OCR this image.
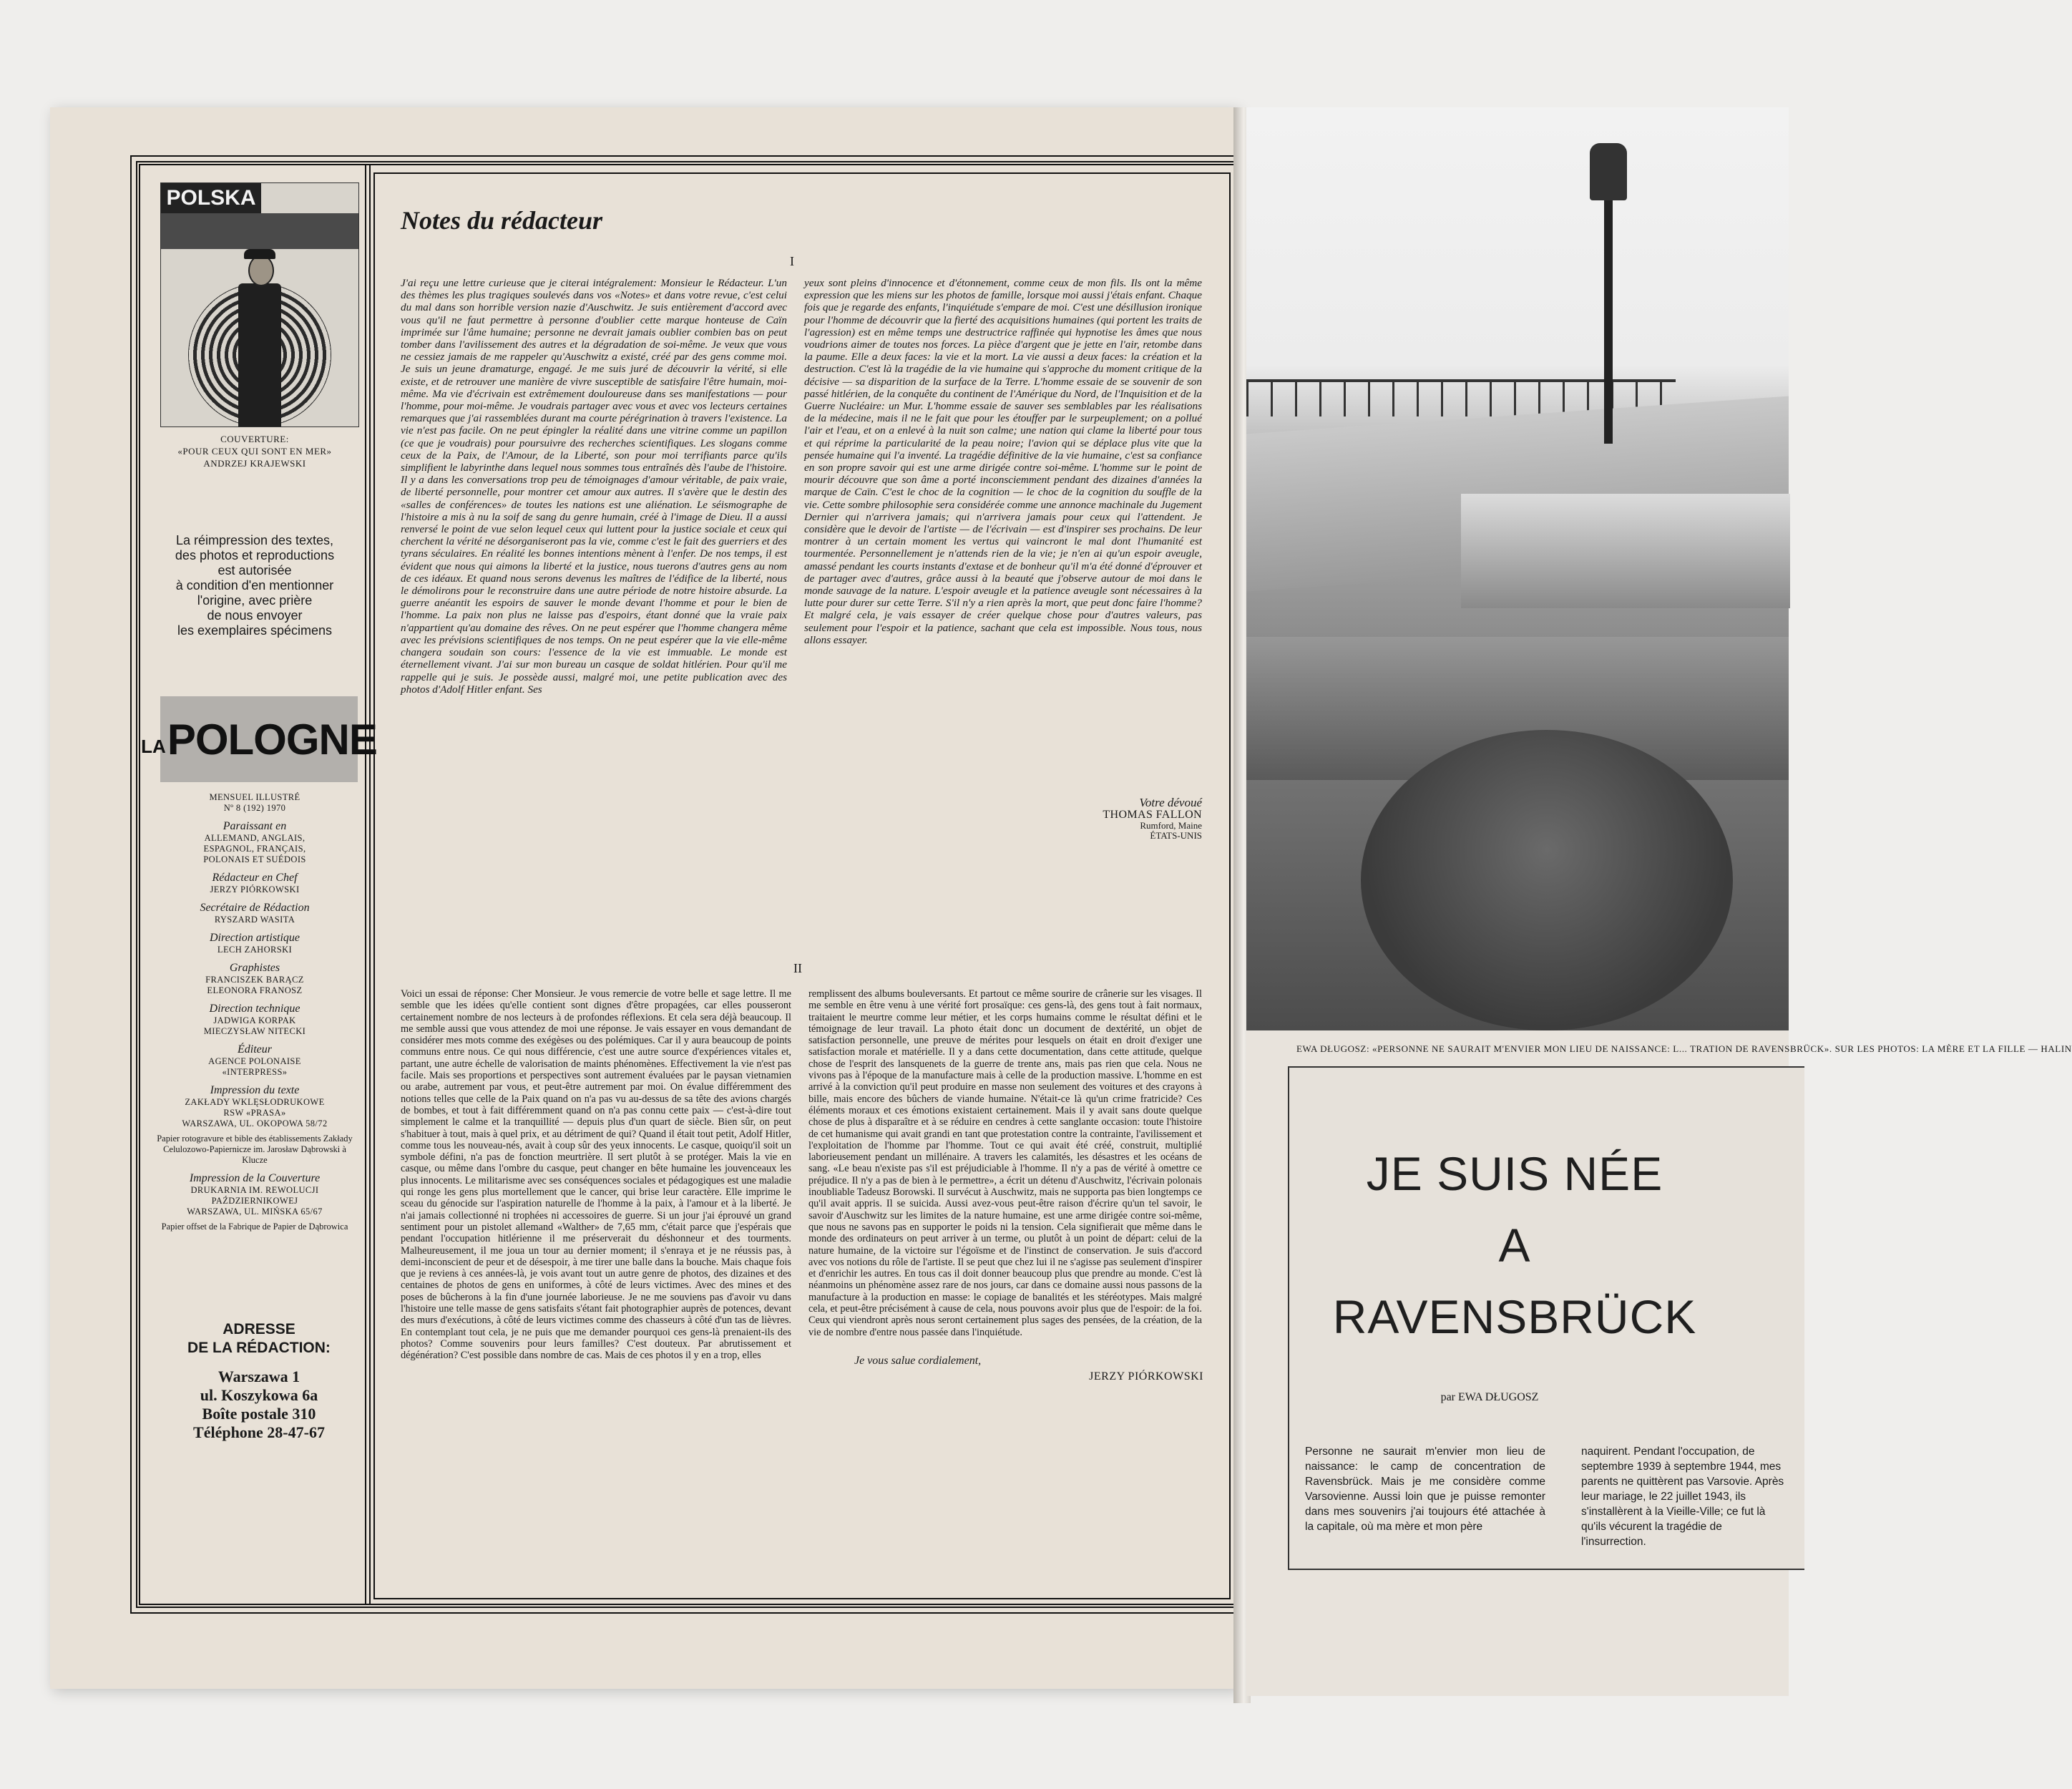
POLSKA
COUVERTURE:
«POUR CEUX QUI SONT EN MER»
ANDRZEJ KRAJEWSKI
La réimpression des textes,
des photos et reproductions
est autorisée
à condition d'en mentionner
l'origine, avec prière
de nous envoyer
les exemplaires spécimens
LA POLOGNE
MENSUEL ILLUSTRÉ
Nº 8 (192) 1970
Paraissant en
ALLEMAND, ANGLAIS,
ESPAGNOL, FRANÇAIS,
POLONAIS ET SUÉDOIS
Rédacteur en Chef
JERZY PIÓRKOWSKI
Secrétaire de Rédaction
RYSZARD WASITA
Direction artistique
LECH ZAHORSKI
Graphistes
FRANCISZEK BARĄCZ
ELEONORA FRANOSZ
Direction technique
JADWIGA KORPAK
MIECZYSŁAW NITECKI
Éditeur
AGENCE POLONAISE
«INTERPRESS»
Impression du texte
ZAKŁADY WKLĘSŁODRUKOWE
RSW «PRASA»
WARSZAWA, UL. OKOPOWA 58/72
Papier rotogravure et bible des établissements Zakłady Celulozowo-Papiernicze im. Jarosław Dąbrowski à Kluczе
Impression de la Couverture
DRUKARNIA IM. REWOLUCJI
PAŹDZIERNIKOWEJ
WARSZAWA, UL. MIŃSKA 65/67
Papier offset de la Fabrique de Papier de Dąbrowica
ADRESSE
DE LA RÉDACTION:
Warszawa 1
ul. Koszykowa 6a
Boîte postale 310
Téléphone 28-47-67
Notes du rédacteur
I
J'ai reçu une lettre curieuse que je citerai intégralement: Monsieur le Rédacteur. L'un des thèmes les plus tragiques soulevés dans vos «Notes» et dans votre revue, c'est celui du mal dans son horrible version nazie d'Auschwitz. Je suis entièrement d'accord avec vous qu'il ne faut permettre à personne d'oublier cette marque honteuse de Caïn imprimée sur l'âme humaine; personne ne devrait jamais oublier combien bas on peut tomber dans l'avilissement des autres et la dégradation de soi-même. Je veux que vous ne cessiez jamais de me rappeler qu'Auschwitz a existé, créé par des gens comme moi. Je suis un jeune dramaturge, engagé. Je me suis juré de découvrir la vérité, si elle existe, et de retrouver une manière de vivre susceptible de satisfaire l'être humain, moi-même. Ma vie d'écrivain est extrêmement douloureuse dans ses manifestations — pour l'homme, pour moi-même. Je voudrais partager avec vous et avec vos lecteurs certaines remarques que j'ai rassemblées durant ma courte pérégrination à travers l'existence. La vie n'est pas facile. On ne peut épingler la réalité dans une vitrine comme un papillon (ce que je voudrais) pour poursuivre des recherches scientifiques. Les slogans comme ceux de la Paix, de l'Amour, de la Liberté, son pour moi terrifiants parce qu'ils simplifient le labyrinthe dans lequel nous sommes tous entraînés dès l'aube de l'histoire. Il y a dans les conversations trop peu de témoignages d'amour véritable, de paix vraie, de liberté personnelle, pour montrer cet amour aux autres. Il s'avère que le destin des «salles de conférences» de toutes les nations est une aliénation. Le séismographe de l'histoire a mis à nu la soif de sang du genre humain, créé à l'image de Dieu. Il a aussi renversé le point de vue selon lequel ceux qui luttent pour la justice sociale et ceux qui cherchent la vérité ne désorganiseront pas la vie, comme c'est le fait des guerriers et des tyrans séculaires. En réalité les bonnes intentions mènent à l'enfer. De nos temps, il est évident que nous qui aimons la liberté et la justice, nous tuerons d'autres gens au nom de ces idéaux. Et quand nous serons devenus les maîtres de l'édifice de la liberté, nous le démolirons pour le reconstruire dans une autre période de notre histoire absurde. La guerre anéantit les espoirs de sauver le monde devant l'homme et pour le bien de l'homme. La paix non plus ne laisse pas d'espoirs, étant donné que la vraie paix n'appartient qu'au domaine des rêves. On ne peut espérer que l'homme changera même avec les prévisions scientifiques de nos temps. On ne peut espérer que la vie elle-même changera soudain son cours: l'essence de la vie est immuable. Le monde est éternellement vivant. J'ai sur mon bureau un casque de soldat hitlérien. Pour qu'il me rappelle qui je suis. Je possède aussi, malgré moi, une petite publication avec des photos d'Adolf Hitler enfant. Ses
yeux sont pleins d'innocence et d'étonnement, comme ceux de mon fils. Ils ont la même expression que les miens sur les photos de famille, lorsque moi aussi j'étais enfant. Chaque fois que je regarde des enfants, l'inquiétude s'empare de moi. C'est une désillusion ironique pour l'homme de découvrir que la fierté des acquisitions humaines (qui portent les traits de l'agression) est en même temps une destructrice raffinée qui hypnotise les âmes que nous voudrions aimer de toutes nos forces. La pièce d'argent que je jette en l'air, retombe dans la paume. Elle a deux faces: la vie et la mort. La vie aussi a deux faces: la création et la destruction. C'est là la tragédie de la vie humaine qui s'approche du moment critique de la décisive — sa disparition de la surface de la Terre. L'homme essaie de se souvenir de son passé hitlérien, de la conquête du continent de l'Amérique du Nord, de l'Inquisition et de la Guerre Nucléaire: un Mur. L'homme essaie de sauver ses semblables par les réalisations de la médecine, mais il ne le fait que pour les étouffer par le surpeuplement; on a pollué l'air et l'eau, et on a enlevé à la nuit son calme; une nation qui clame la liberté pour tous et qui réprime la particularité de la peau noire; l'avion qui se déplace plus vite que la pensée humaine qui l'a inventé. La tragédie définitive de la vie humaine, c'est sa confiance en son propre savoir qui est une arme dirigée contre soi-même. L'homme sur le point de mourir découvre que son âme a porté inconsciemment pendant des dizaines d'années la marque de Caïn. C'est le choc de la cognition — le choc de la cognition du souffle de la vie. Cette sombre philosophie sera considérée comme une annonce machinale du Jugement Dernier qui n'arrivera jamais; qui n'arrivera jamais pour ceux qui l'attendent. Je considère que le devoir de l'artiste — de l'écrivain — est d'inspirer ses prochains. De leur montrer à un certain moment les vertus qui vaincront le mal dont l'humanité est tourmentée. Personnellement je n'attends rien de la vie; je n'en ai qu'un espoir aveugle, amassé pendant les courts instants d'extase et de bonheur qu'il m'a été donné d'éprouver et de partager avec d'autres, grâce aussi à la beauté que j'observe autour de moi dans le monde sauvage de la nature. L'espoir aveugle et la patience aveugle sont nécessaires à la lutte pour durer sur cette Terre. S'il n'y a rien après la mort, que peut donc faire l'homme? Et malgré cela, je vais essayer de créer quelque chose pour d'autres valeurs, pas seulement pour l'espoir et la patience, sachant que cela est impossible. Nous tous, nous allons essayer.
Votre dévoué
THOMAS FALLON
Rumford, Maine
ÉTATS-UNIS
II
Voici un essai de réponse: Cher Monsieur. Je vous remercie de votre belle et sage lettre. Il me semble que les idées qu'elle contient sont dignes d'être propagées, car elles pousseront certainement nombre de nos lecteurs à de profondes réflexions. Et cela sera déjà beaucoup. Il me semble aussi que vous attendez de moi une réponse. Je vais essayer en vous demandant de considérer mes mots comme des exégèses ou des polémiques. Car il y aura beaucoup de points communs entre nous. Ce qui nous différencie, c'est une autre source d'expériences vitales et, partant, une autre échelle de valorisation de maints phénomènes. Effectivement la vie n'est pas facile. Mais ses proportions et perspectives sont autrement évaluées par le paysan vietnamien ou arabe, autrement par vous, et peut-être autrement par moi. On évalue différemment des notions telles que celle de la Paix quand on n'a pas vu au-dessus de sa tête des avions chargés de bombes, et tout à fait différemment quand on n'a pas connu cette paix — c'est-à-dire tout simplement le calme et la tranquillité — depuis plus d'un quart de siècle. Bien sûr, on peut s'habituer à tout, mais à quel prix, et au détriment de qui? Quand il était tout petit, Adolf Hitler, comme tous les nouveau-nés, avait à coup sûr des yeux innocents. Le casque, quoiqu'il soit un symbole défini, n'a pas de fonction meurtrière. Il sert plutôt à se protéger. Mais la vie en casque, ou même dans l'ombre du casque, peut changer en bête humaine les jouvenceaux les plus innocents. Le militarisme avec ses conséquences sociales et pédagogiques est une maladie qui ronge les gens plus mortellement que le cancer, qui brise leur caractère. Elle imprime le sceau du génocide sur l'aspiration naturelle de l'homme à la paix, à l'amour et à la liberté. Je n'ai jamais collectionné ni trophées ni accessoires de guerre. Si un jour j'ai éprouvé un grand sentiment pour un pistolet allemand «Walther» de 7,65 mm, c'était parce que j'espérais que pendant l'occupation hitlérienne il me préserverait du déshonneur et des tourments. Malheureusement, il me joua un tour au dernier moment; il s'enraya et je ne réussis pas, à demi-inconscient de peur et de désespoir, à me tirer une balle dans la bouche. Mais chaque fois que je reviens à ces années-là, je vois avant tout un autre genre de photos, des dizaines et des centaines de photos de gens en uniformes, à côté de leurs victimes. Avec des mines et des poses de bûcherons à la fin d'une journée laborieuse. Je ne me souviens pas d'avoir vu dans l'histoire une telle masse de gens satisfaits s'étant fait photographier auprès de potences, devant des murs d'exécutions, à côté de leurs victimes comme des chasseurs à côté d'un tas de lièvres. En contemplant tout cela, je ne puis que me demander pourquoi ces gens-là prenaient-ils des photos? Comme souvenirs pour leurs familles? C'est douteux. Par abrutissement et dégénération? C'est possible dans nombre de cas. Mais de ces photos il y en a trop, elles
remplissent des albums bouleversants. Et partout ce même sourire de crânerie sur les visages. Il me semble en être venu à une vérité fort prosaïque: ces gens-là, des gens tout à fait normaux, traitaient le meurtre comme leur métier, et les corps humains comme le résultat défini et le témoignage de leur travail. La photo était donc un document de dextérité, un objet de satisfaction personnelle, une preuve de mérites pour lesquels on était en droit d'exiger une satisfaction morale et matérielle. Il y a dans cette documentation, dans cette attitude, quelque chose de l'esprit des lansquenets de la guerre de trente ans, mais pas rien que cela. Nous ne vivons pas à l'époque de la manufacture mais à celle de la production massive. L'homme en est arrivé à la conviction qu'il peut produire en masse non seulement des voitures et des crayons à bille, mais encore des bûchers de viande humaine. N'était-ce là qu'un crime fratricide? Ces éléments moraux et ces émotions existaient certainement. Mais il y avait sans doute quelque chose de plus à disparaître et à se réduire en cendres à cette sanglante occasion: toute l'histoire de cet humanisme qui avait grandi en tant que protestation contre la contrainte, l'avilissement et l'exploitation de l'homme par l'homme. Tout ce qui avait été créé, construit, multiplié laborieusement pendant un millénaire. A travers les calamités, les désastres et les océans de sang. «Le beau n'existe pas s'il est préjudiciable à l'homme. Il n'y a pas de vérité à omettre ce préjudice. Il n'y a pas de bien à le permettre», a écrit un détenu d'Auschwitz, l'écrivain polonais inoubliable Tadeusz Borowski. Il survécut à Auschwitz, mais ne supporta pas bien longtemps ce qu'il avait appris. Il se suicida. Aussi avez-vous peut-être raison d'écrire qu'un tel savoir, le savoir d'Auschwitz sur les limites de la nature humaine, est une arme dirigée contre soi-même, que nous ne savons pas en supporter le poids ni la tension. Cela signifierait que même dans le monde des ordinateurs on peut arriver à un terme, ou plutôt à un point de départ: celui de la nature humaine, de la victoire sur l'égoïsme et de l'instinct de conservation. Je suis d'accord avec vos notions du rôle de l'artiste. Il se peut que chez lui il ne s'agisse pas seulement d'inspirer et d'enrichir les autres. En tous cas il doit donner beaucoup plus que prendre au monde. C'est là néanmoins un phénomène assez rare de nos jours, car dans ce domaine aussi nous passons de la manufacture à la production en masse: le copiage de banalités et les stéréotypes. Mais malgré cela, et peut-être précisément à cause de cela, nous pouvons avoir plus que de l'espoir: de la foi. Ceux qui viendront après nous seront certainement plus sages des pensées, de la création, de la vie de nombre d'entre nous passée dans l'inquiétude.
Je vous salue cordialement,
JERZY PIÓRKOWSKI
EWA DŁUGOSZ: «PERSONNE NE SAURAIT M'ENVIER MON LIEU DE NAISSANCE: L... TRATION DE RAVENSBRÜCK». SUR LES PHOTOS: LA MÈRE ET LA FILLE — HALIN
JE SUIS NÉE
A
RAVENSBRÜCK
par EWA DŁUGOSZ
Personne ne saurait m'envier mon lieu de naissance: le camp de concentration de Ravensbrück. Mais je me considère comme Varsovienne. Aussi loin que je puisse remonter dans mes souvenirs j'ai toujours été attachée à la capitale, où ma mère et mon père
naquirent. Pendant l'occupation, de septembre 1939 à septembre 1944, mes parents ne quittèrent pas Varsovie. Après leur mariage, le 22 juillet 1943, ils s'installèrent à la Vieille-Ville; ce fut là qu'ils vécurent la tragédie de l'insurrection.
